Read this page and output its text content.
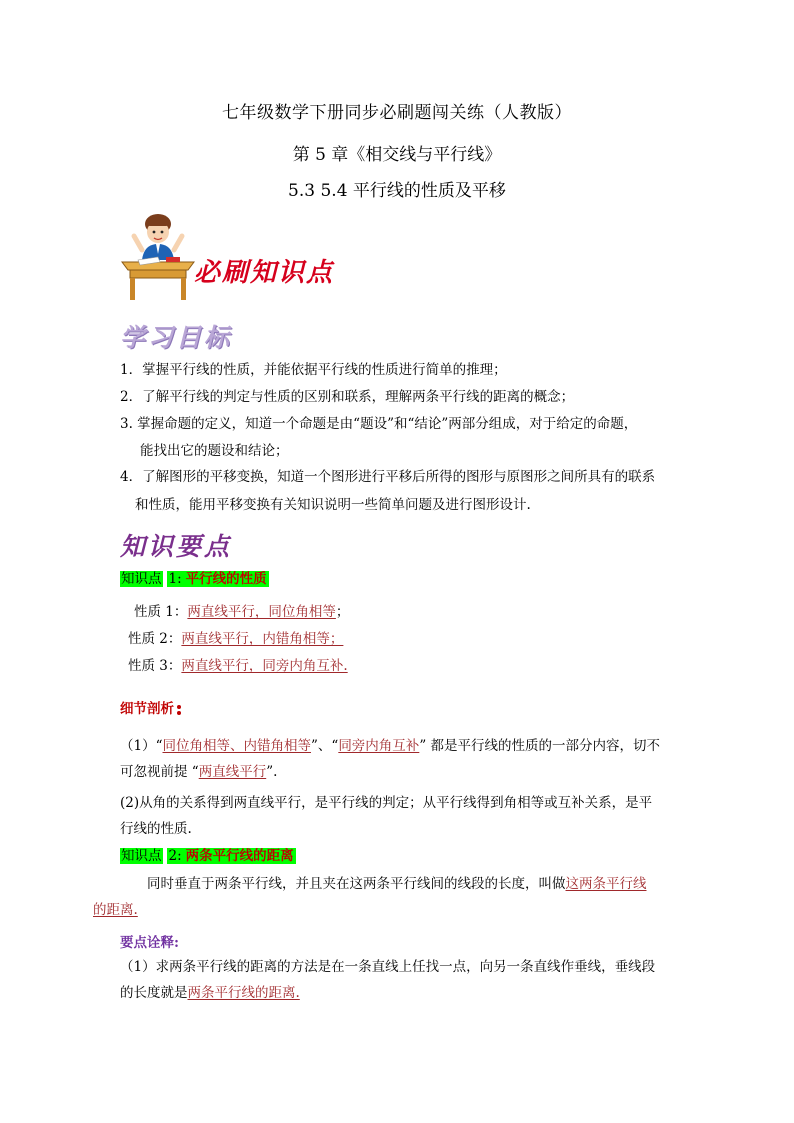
七年级数学下册同步必刷题闯关练（人教版）
第 5 章《相交线与平行线》
5.3 5.4 平行线的性质及平移
必刷知识点
学习目标
1．掌握平行线的性质，并能依据平行线的性质进行简单的推理；
2．了解平行线的判定与性质的区别和联系，理解两条平行线的距离的概念；
3. 掌握命题的定义，知道一个命题是由“题设”和“结论”两部分组成，对于给定的命题，
能找出它的题设和结论；
4．了解图形的平移变换，知道一个图形进行平移后所得的图形与原图形之间所具有的联系
和性质，能用平移变换有关知识说明一些简单问题及进行图形设计.
知识要点
知识点 1: 平行线的性质
性质 1：两直线平行，同位角相等；
性质 2：两直线平行，内错角相等；
性质 3：两直线平行，同旁内角互补.
细节剖析
（1）“同位角相等、内错角相等”、“同旁内角互补” 都是平行线的性质的一部分内容，切不
可忽视前提 “两直线平行”.
(2)从角的关系得到两直线平行，是平行线的判定；从平行线得到角相等或互补关系，是平
行线的性质.
知识点 2: 两条平行线的距离
同时垂直于两条平行线，并且夹在这两条平行线间的线段的长度，叫做这两条平行线
的距离.
要点诠释:
（1）求两条平行线的距离的方法是在一条直线上任找一点，向另一条直线作垂线，垂线段
的长度就是两条平行线的距离.
